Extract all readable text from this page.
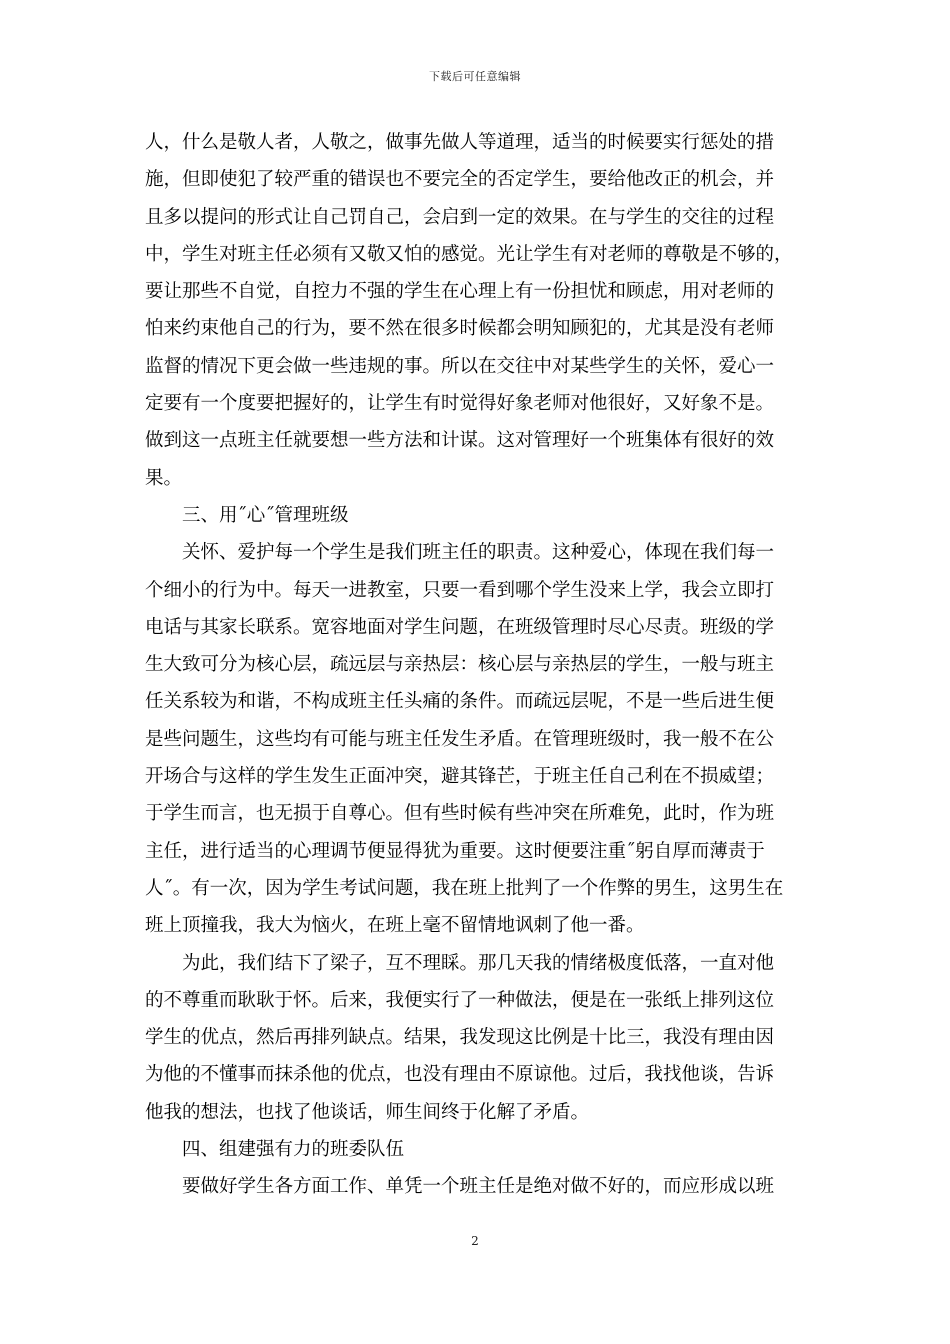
下载后可任意编辑
人，什么是敬人者，人敬之，做事先做人等道理，适当的时候要实行惩处的措
施，但即使犯了较严重的错误也不要完全的否定学生，要给他改正的机会，并
且多以提问的形式让自己罚自己，会启到一定的效果。在与学生的交往的过程
中，学生对班主任必须有又敬又怕的感觉。光让学生有对老师的尊敬是不够的，
要让那些不自觉，自控力不强的学生在心理上有一份担忧和顾虑，用对老师的
怕来约束他自己的行为，要不然在很多时候都会明知顾犯的，尤其是没有老师
监督的情况下更会做一些违规的事。所以在交往中对某些学生的关怀，爱心一
定要有一个度要把握好的，让学生有时觉得好象老师对他很好，又好象不是。
做到这一点班主任就要想一些方法和计谋。这对管理好一个班集体有很好的效
果。
　　三、用˝心˝管理班级
　　关怀、爱护每一个学生是我们班主任的职责。这种爱心，体现在我们每一
个细小的行为中。每天一进教室，只要一看到哪个学生没来上学，我会立即打
电话与其家长联系。宽容地面对学生问题，在班级管理时尽心尽责。班级的学
生大致可分为核心层，疏远层与亲热层：核心层与亲热层的学生，一般与班主
任关系较为和谐，不构成班主任头痛的条件。而疏远层呢，不是一些后进生便
是些问题生，这些均有可能与班主任发生矛盾。在管理班级时，我一般不在公
开场合与这样的学生发生正面冲突，避其锋芒，于班主任自己利在不损威望；
于学生而言，也无损于自尊心。但有些时候有些冲突在所难免，此时，作为班
主任，进行适当的心理调节便显得犹为重要。这时便要注重˝躬自厚而薄责于
人˝。有一次，因为学生考试问题，我在班上批判了一个作弊的男生，这男生在
班上顶撞我，我大为恼火，在班上毫不留情地讽刺了他一番。
　　为此，我们结下了梁子，互不理睬。那几天我的情绪极度低落，一直对他
的不尊重而耿耿于怀。后来，我便实行了一种做法，便是在一张纸上排列这位
学生的优点，然后再排列缺点。结果，我发现这比例是十比三，我没有理由因
为他的不懂事而抹杀他的优点，也没有理由不原谅他。过后，我找他谈，告诉
他我的想法，也找了他谈话，师生间终于化解了矛盾。
　　四、组建强有力的班委队伍
　　要做好学生各方面工作、单凭一个班主任是绝对做不好的，而应形成以班
2
